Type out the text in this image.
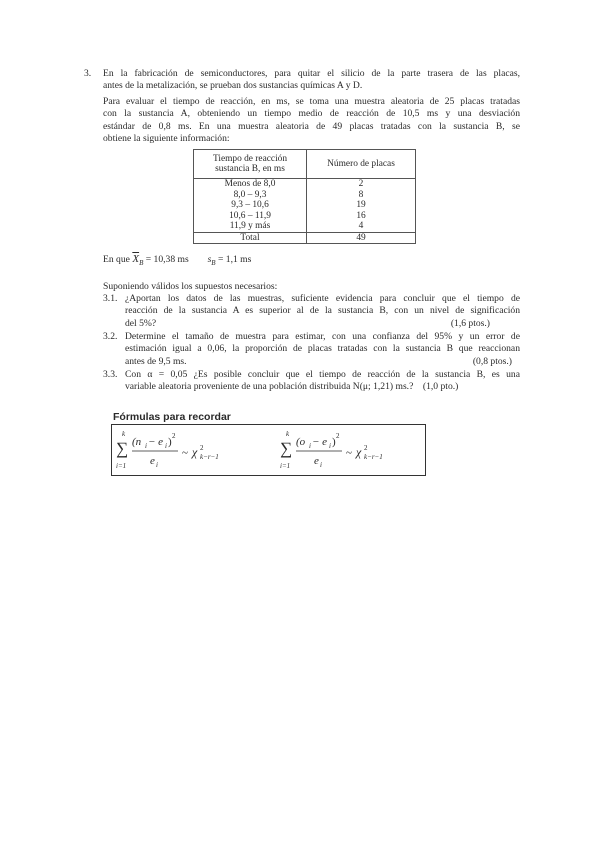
3. En la fabricación de semiconductores, para quitar el silicio de la parte trasera de las placas,
antes de la metalización, se prueban dos sustancias químicas A y D.
Para evaluar el tiempo de reacción, en ms, se toma una muestra aleatoria de 25 placas tratadas
con la sustancia A, obteniendo un tiempo medio de reacción de 10,5 ms y una desviación
estándar de 0,8 ms. En una muestra aleatoria de 49 placas tratadas con la sustancia B, se
obtiene la siguiente información:
Tiempo de reacción
sustancia B, en ms	Número de placas
Menos de 8,0	2
8,0 – 9,3	8
9,3 – 10,6	19
10,6 – 11,9	16
11,9 y más	4
Total	49
En que $\overline{X}_B = 10,38$ ms $s_B = 1,1$ ms
Suponiendo válidos los supuestos necesarios:
3.1. ¿Aportan los datos de las muestras, suficiente evidencia para concluir que el tiempo de
reacción de la sustancia A es superior al de la sustancia B, con un nivel de significación
del 5%?	(1,6 ptos.)
3.2. Determine el tamaño de muestra para estimar, con una confianza del 95% y un error de
estimación igual a 0,06, la proporción de placas tratadas con la sustancia B que reaccionan
antes de 9,5 ms.	(0,8 ptos.)
3.3. Con α = 0,05 ¿Es posible concluir que el tiempo de reacción de la sustancia B, es una
variable aleatoria proveniente de una población distribuida N(μ; 1,21) ms.? (1,0 pto.)
Fórmulas para recordar
k
∑
i=1
(n i − e i ) 2
e i
~ χ 2
k−r−1
k
∑
i=1
(o i − e i ) 2
e i
~ χ 2
k−r−1
